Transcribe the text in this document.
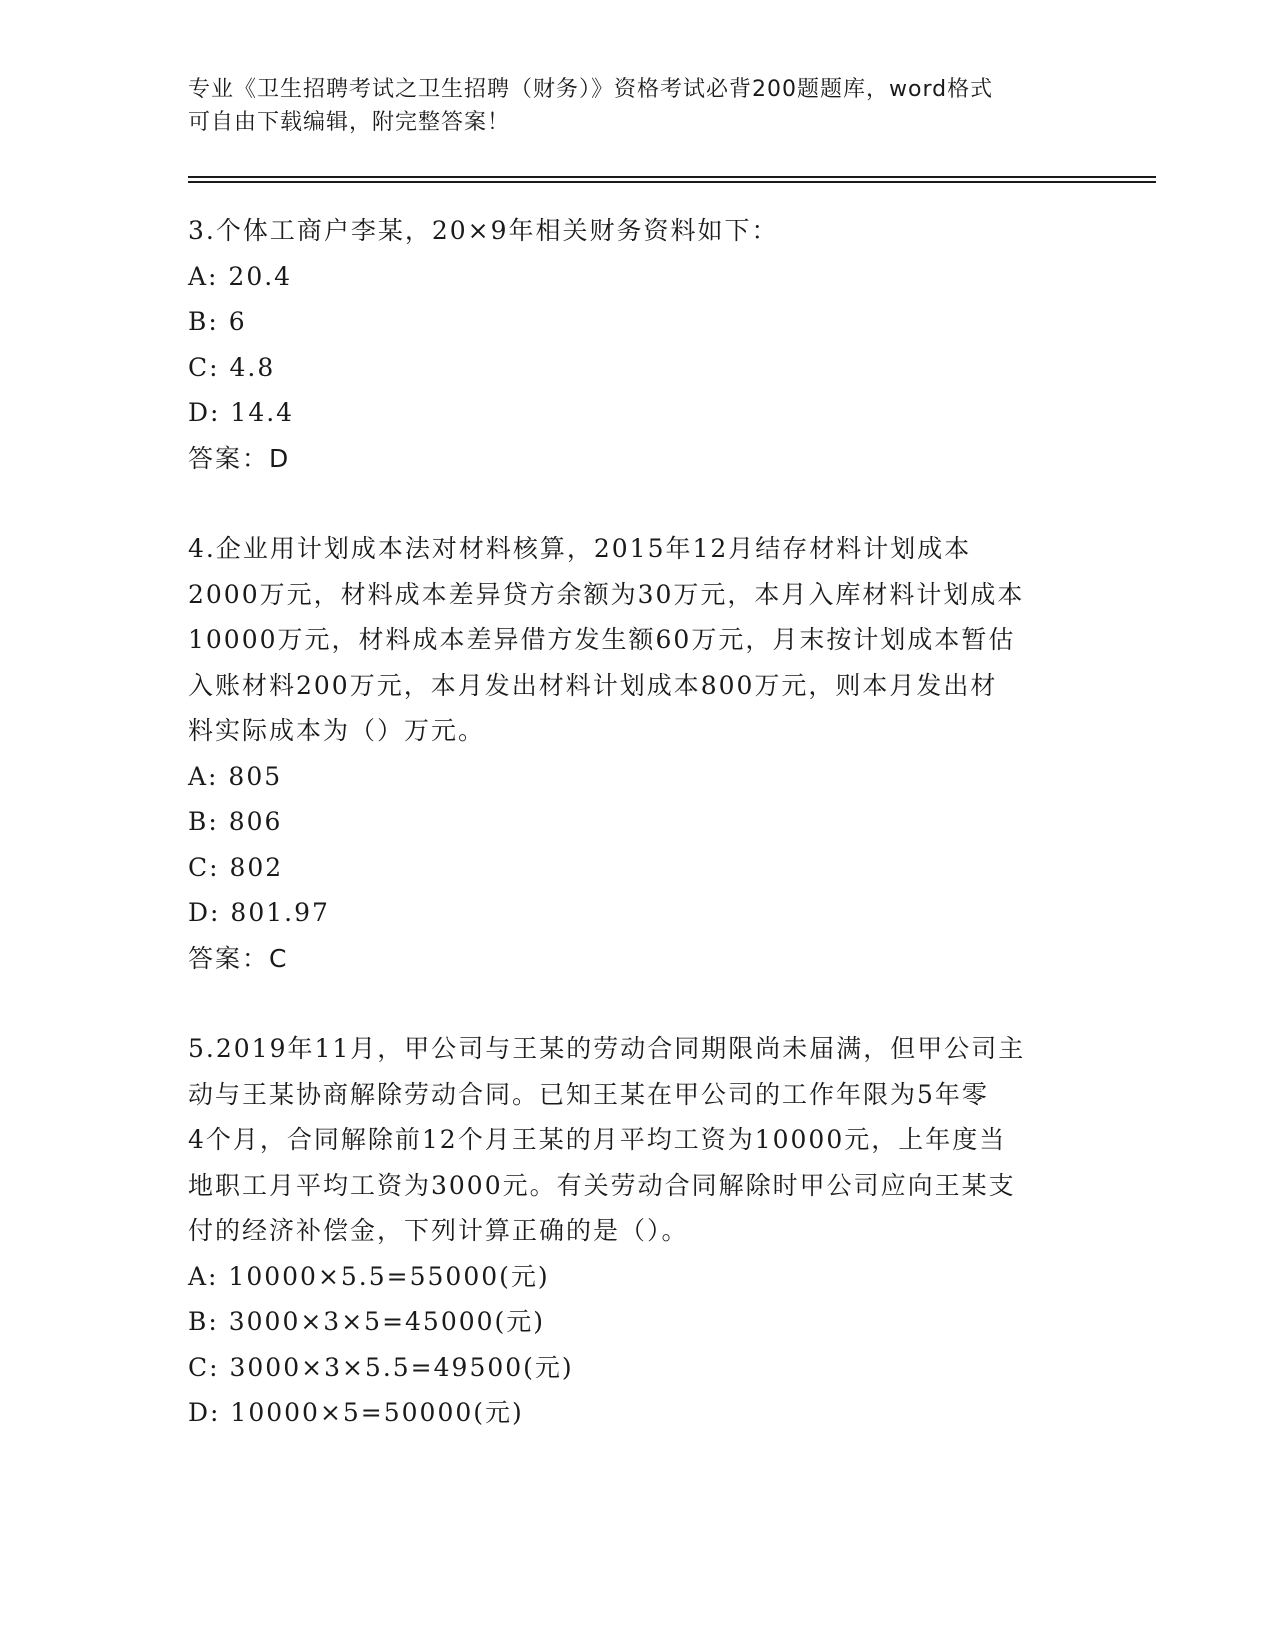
专业《卫生招聘考试之卫生招聘（财务）》资格考试必背200题题库，word格式
可自由下载编辑，附完整答案！

3.个体工商户李某，20×9年相关财务资料如下：

A: 20.4

B: 6

C: 4.8

D: 14.4

答案：D

4.企业用计划成本法对材料核算，2015年12月结存材料计划成本

2000万元，材料成本差异贷方余额为30万元，本月入库材料计划成本

10000万元，材料成本差异借方发生额60万元，月末按计划成本暂估

入账材料200万元，本月发出材料计划成本800万元，则本月发出材

料实际成本为（）万元。

A: 805

B: 806

C: 802

D: 801.97

答案：C

5.2019年11月，甲公司与王某的劳动合同期限尚未届满，但甲公司主

动与王某协商解除劳动合同。已知王某在甲公司的工作年限为5年零

4个月，合同解除前12个月王某的月平均工资为10000元，上年度当

地职工月平均工资为3000元。有关劳动合同解除时甲公司应向王某支

付的经济补偿金，下列计算正确的是（）。

A: 10000×5.5=55000(元)

B: 3000×3×5=45000(元)

C: 3000×3×5.5=49500(元)

D: 10000×5=50000(元)
